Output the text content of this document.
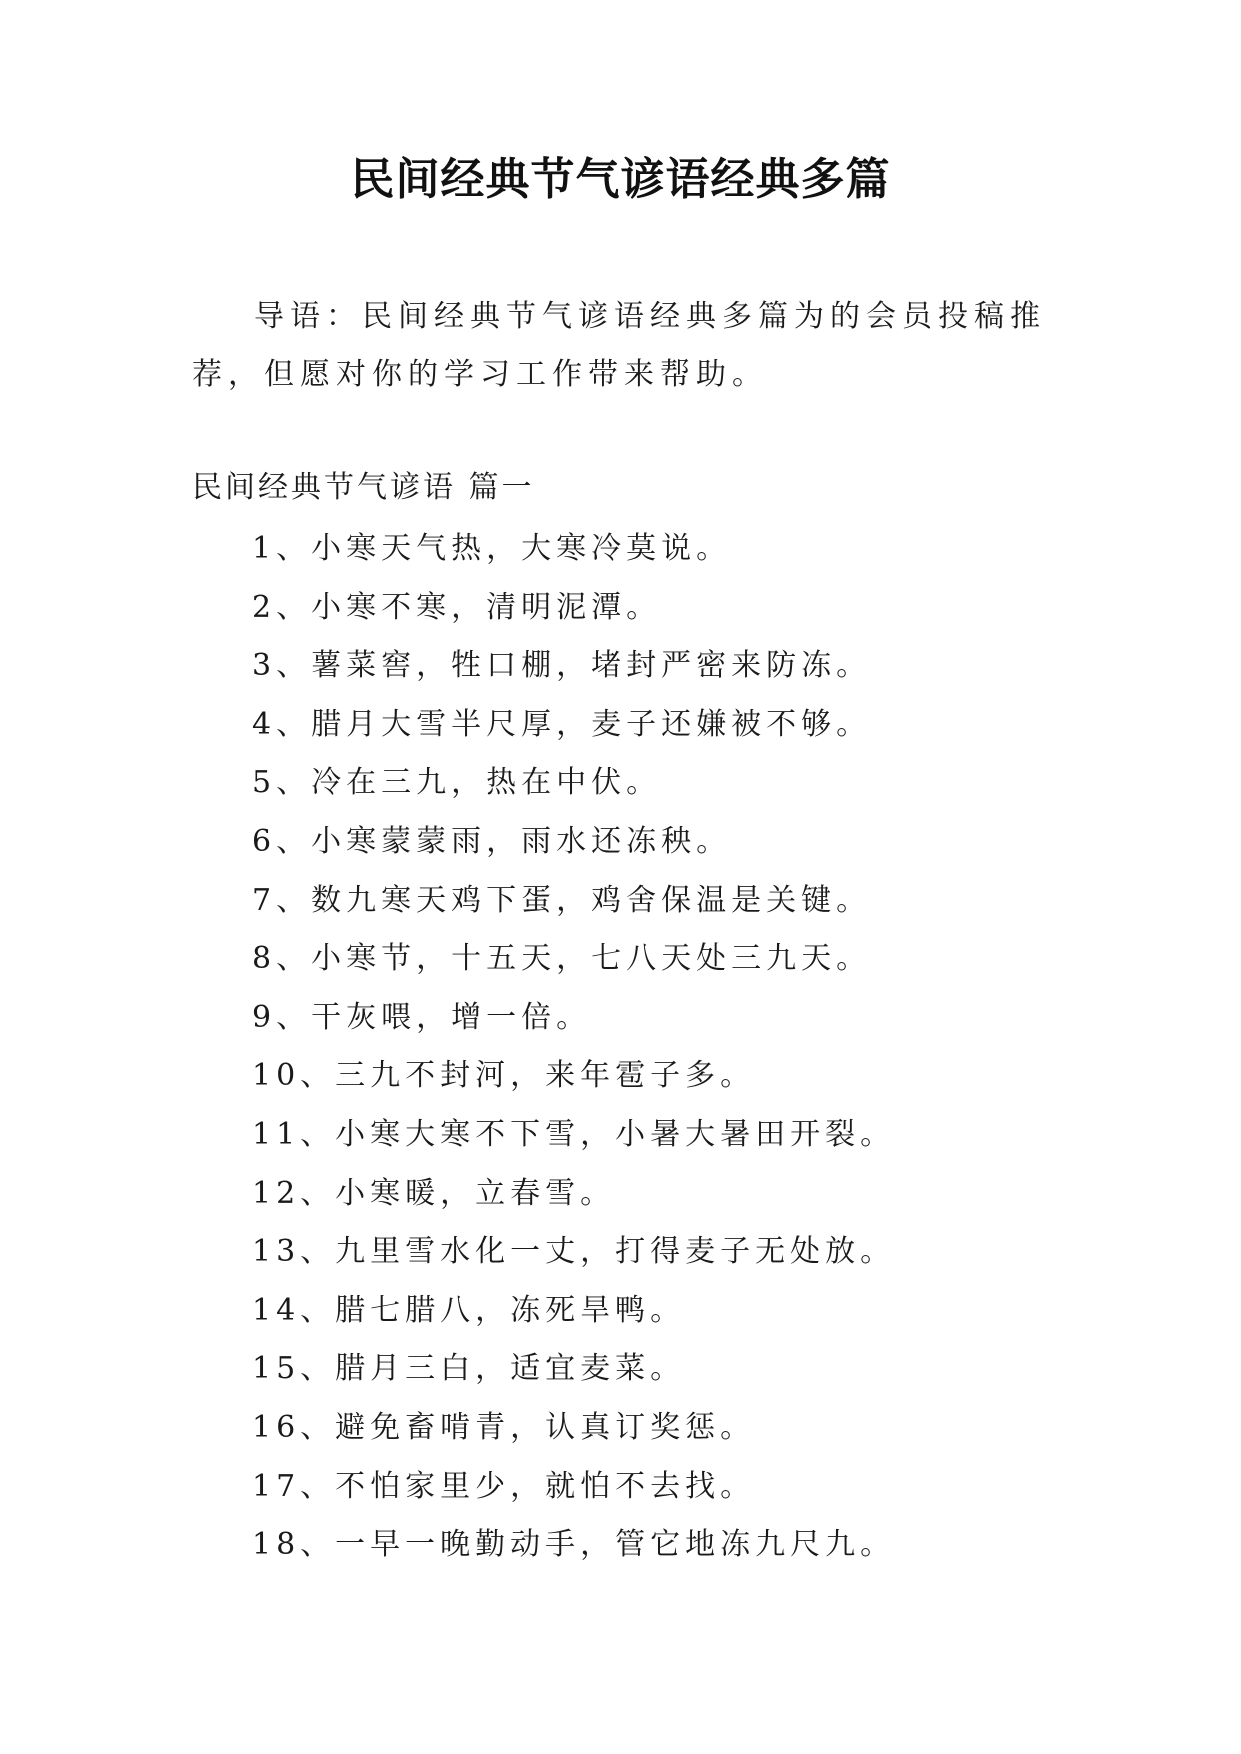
民间经典节气谚语经典多篇
导语：民间经典节气谚语经典多篇为的会员投稿推荐，但愿对你的学习工作带来帮助。
民间经典节气谚语 篇一
1、小寒天气热，大寒冷莫说。
2、小寒不寒，清明泥潭。
3、薯菜窖，牲口棚，堵封严密来防冻。
4、腊月大雪半尺厚，麦子还嫌被不够。
5、冷在三九，热在中伏。
6、小寒蒙蒙雨，雨水还冻秧。
7、数九寒天鸡下蛋，鸡舍保温是关键。
8、小寒节，十五天，七八天处三九天。
9、干灰喂，增一倍。
10、三九不封河，来年雹子多。
11、小寒大寒不下雪，小暑大暑田开裂。
12、小寒暖，立春雪。
13、九里雪水化一丈，打得麦子无处放。
14、腊七腊八，冻死旱鸭。
15、腊月三白，适宜麦菜。
16、避免畜啃青，认真订奖惩。
17、不怕家里少，就怕不去找。
18、一早一晚勤动手，管它地冻九尺九。
